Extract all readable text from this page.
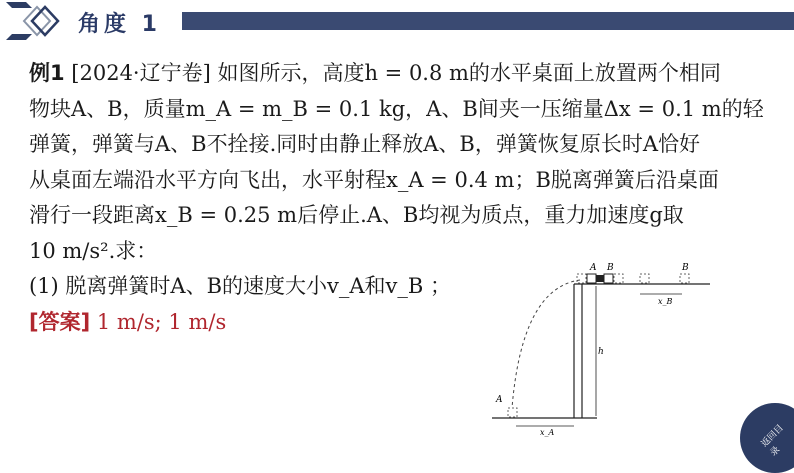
角度 1
例1 [2024·辽宁卷] 如图所示，高度h = 0.8 m的水平桌面上放置两个相同
物块A、B，质量m_A = m_B = 0.1 kg，A、B间夹一压缩量Δx = 0.1 m的轻
弹簧，弹簧与A、B不拴接.同时由静止释放A、B，弹簧恢复原长时A恰好
从桌面左端沿水平方向飞出，水平射程x_A = 0.4 m；B脱离弹簧后沿桌面
滑行一段距离x_B = 0.25 m后停止.A、B均视为质点，重力加速度g取
10 m/s².求：
(1) 脱离弹簧时A、B的速度大小v_A和v_B ；
[答案] 1 m/s; 1 m/s
A B	B
A
h
x_B
x_A	返回目录
